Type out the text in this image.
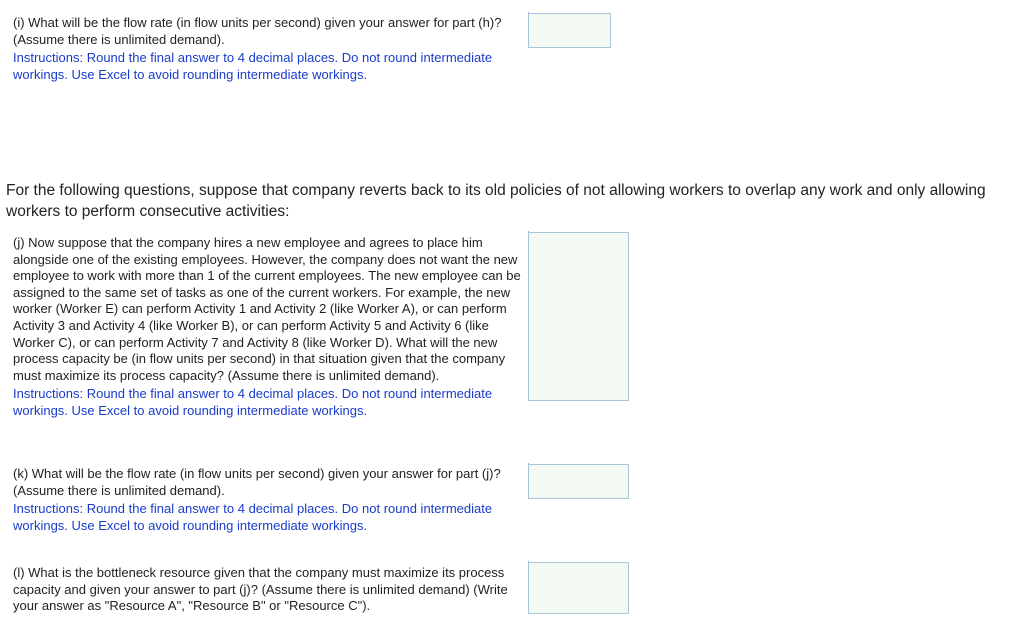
(i) What will be the flow rate (in flow units per second) given your answer for part (h)? (Assume there is unlimited demand).

Instructions: Round the final answer to 4 decimal places. Do not round intermediate workings. Use Excel to avoid rounding intermediate workings.

For the following questions, suppose that company reverts back to its old policies of not allowing workers to overlap any work and only allowing workers to perform consecutive activities:

(j) Now suppose that the company hires a new employee and agrees to place him alongside one of the existing employees. However, the company does not want the new employee to work with more than 1 of the current employees. The new employee can be assigned to the same set of tasks as one of the current workers. For example, the new worker (Worker E) can perform Activity 1 and Activity 2 (like Worker A), or can perform Activity 3 and Activity 4 (like Worker B), or can perform Activity 5 and Activity 6 (like Worker C), or can perform Activity 7 and Activity 8 (like Worker D). What will the new process capacity be (in flow units per second) in that situation given that the company must maximize its process capacity? (Assume there is unlimited demand).

Instructions: Round the final answer to 4 decimal places. Do not round intermediate workings. Use Excel to avoid rounding intermediate workings.

(k) What will be the flow rate (in flow units per second) given your answer for part (j)? (Assume there is unlimited demand).

Instructions: Round the final answer to 4 decimal places. Do not round intermediate workings. Use Excel to avoid rounding intermediate workings.

(l) What is the bottleneck resource given that the company must maximize its process capacity and given your answer to part (j)? (Assume there is unlimited demand) (Write your answer as "Resource A", "Resource B" or "Resource C").
